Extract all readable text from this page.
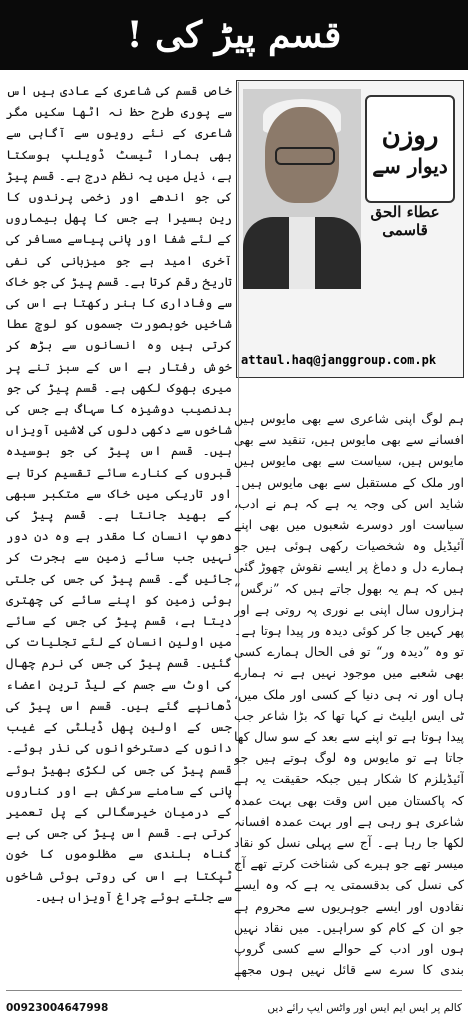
قسم پیڑ کی !
روزن
دیوار سے
عطاء الحق قاسمی
attaul.haq@janggroup.com.pk

ہم لوگ اپنی شاعری سے بھی مایوس ہیں افسانے سے بھی مایوس ہیں، تنقید سے بھی مایوس ہیں، سیاست سے بھی مایوس ہیں اور ملک کے مستقبل سے بھی مایوس ہیں۔ شاید اس کی وجہ یہ ہے کہ ہم نے ادب، سیاست اور دوسرے شعبوں میں بھی اپنے آئیڈیل وہ شخصیات رکھی ہوئی ہیں جو ہمارے دل و دماغ پر ایسے نقوش چھوڑ گئی ہیں کہ ہم یہ بھول جاتے ہیں کہ ”نرگس“ ہزاروں سال اپنی بے نوری پہ روتی ہے اور پھر کہیں جا کر کوئی دیدہ ور پیدا ہوتا ہے۔ تو وہ ”دیدہ ور“ تو فی الحال ہمارے کسی بھی شعبے میں موجود نہیں ہے نہ ہمارے ہاں اور نہ ہی دنیا کے کسی اور ملک میں، ٹی ایس ایلیٹ نے کہا تھا کہ بڑا شاعر جب پیدا ہوتا ہے تو اپنے سے بعد کے سو سال کھا جاتا ہے تو مایوس وہ لوگ ہوتے ہیں جو آئیڈیلزم کا شکار ہیں جبکہ حقیقت یہ ہے کہ پاکستان میں اس وقت بھی بہت عمدہ شاعری ہو رہی ہے اور بہت عمدہ افسانہ لکھا جا رہا ہے۔ آج سے پہلی نسل کو نقاد میسر تھے جو ہیرے کی شناخت کرتے تھے آج کی نسل کی بدقسمتی یہ ہے کہ وہ ایسے نقادوں اور ایسے جوہریوں سے محروم ہے جو ان کے کام کو سراہیں۔ میں نقاد نہیں ہوں اور ادب کے حوالے سے کسی گروپ بندی کا سرے سے قائل نہیں ہوں مجھے

خاص قسم کی شاعری کے عادی ہیں اس سے پوری طرح حظ نہ اٹھا سکیں مگر شاعری کے نئے رویوں سے آگاہی سے بھی ہمارا ٹیسٹ ڈویلپ ہوسکتا ہے، ذیل میں یہ نظم درج ہے۔ قسم پیڑ کی جو اندھے اور زخمی پرندوں کا رین بسیرا ہے جس کا پھل بیماروں کے لئے شفا اور پانی پیاسے مسافر کی آخری امید ہے جو میزبانی کی نفی تاریخ رقم کرتا ہے۔ قسم پیڑ کی جو خاک سے وفاداری کا ہنر رکھتا ہے اس کی شاخیں خوبصورت جسموں کو لوچ عطا کرتی ہیں وہ انسانوں سے بڑھ کر خوش رفتار ہے اس کے سبز تنے پر میری بھوک لکھی ہے۔ قسم پیڑ کی جو بدنصیب دوشیزہ کا سہاگ ہے جس کی شاخوں سے دکھی دلوں کی لاشیں آویزاں ہیں۔ قسم اس پیڑ کی جو بوسیدہ قبروں کے کنارے سائے تقسیم کرتا ہے اور تاریکی میں خاک سے متکبر سبھی کے بھید جانتا ہے۔ قسم پیڑ کی دھوپ انسان کا مقدر ہے وہ دن دور نہیں جب سائے زمین سے ہجرت کر جائیں گے۔ قسم پیڑ کی جس کی جلتی ہوئی زمین کو اپنے سائے کی چھتری دیتا ہے، قسم پیڑ کی جس کے سائے میں اولین انسان کے لئے تجلیات کی گئیں۔ قسم پیڑ کی جس کی نرم چھال کی اوٹ سے جسم کے لیڈ ترین اعضاء ڈھانپے گئے ہیں۔ قسم اس پیڑ کی جس کے اولین پھل ڈیلٹی کے غیب دانوں کے دسترخوانوں کی نذر ہوئے۔ قسم پیڑ کی جس کی لکڑی بھیڑ ہوئے پانی کے سامنے سرکش ہے اور کناروں کے درمیان خیرسگالی کے پل تعمیر کرتی ہے۔ قسم اس پیڑ کی جس کی بے گناہ بلندی سے مظلوموں کا خون ٹپکتا ہے اس کی روتی ہوئی شاخوں سے جلتے ہوئے چراغ آویزاں ہیں۔

00923004647998	کالم پر ایس ایم ایس اور واٹس ایپ رائے دیں
